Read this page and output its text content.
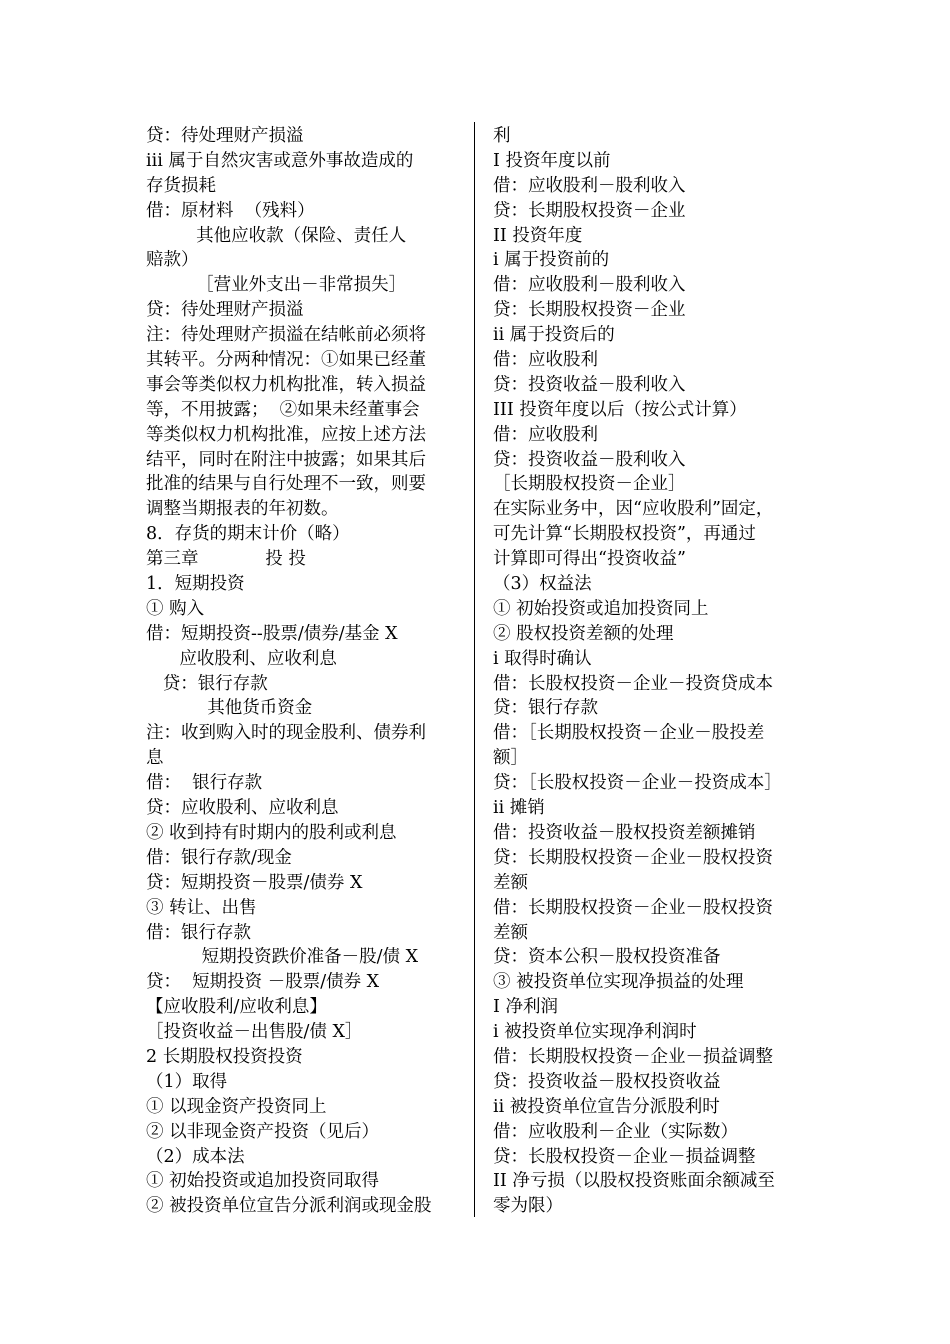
贷：待处理财产损溢
iii 属于自然灾害或意外事故造成的
存货损耗
借：原材料  （残料）
其他应收款（保险、责任人
赔款）
［营业外支出－非常损失］
贷：待处理财产损溢
注：待处理财产损溢在结帐前必须将
其转平。分两种情况：①如果已经董
事会等类似权力机构批准，转入损益
等，不用披露；  ②如果未经董事会
等类似权力机构批准，应按上述方法
结平，同时在附注中披露；如果其后
批准的结果与自行处理不一致，则要
调整当期报表的年初数。
8．存货的期末计价（略）
第三章            投 投
1．短期投资
① 购入
借：短期投资--股票/债券/基金 X
应收股利、应收利息
贷：银行存款
其他货币资金
注：收到购入时的现金股利、债券利
息
借：  银行存款
贷：应收股利、应收利息
② 收到持有时期内的股利或利息
借：银行存款/现金
贷：短期投资－股票/债券 X
③ 转让、出售
借：银行存款
短期投资跌价准备－股/债 X
贷：  短期投资 －股票/债券 X
【应收股利/应收利息】
［投资收益－出售股/债 X］
2 长期股权投资投资
（1）取得
① 以现金资产投资同上
② 以非现金资产投资（见后）
（2）成本法
① 初始投资或追加投资同取得
② 被投资单位宣告分派利润或现金股
利
I 投资年度以前
借：应收股利－股利收入
贷：长期股权投资－企业
II 投资年度
i 属于投资前的
借：应收股利－股利收入
贷：长期股权投资－企业
ii 属于投资后的
借：应收股利
贷：投资收益－股利收入
III 投资年度以后（按公式计算）
借：应收股利
贷：投资收益－股利收入
［长期股权投资－企业］
在实际业务中，因“应收股利”固定，
可先计算“长期股权投资”，再通过
计算即可得出“投资收益”
（3）权益法
① 初始投资或追加投资同上
② 股权投资差额的处理
i 取得时确认
借：长股权投资－企业－投资贷成本
贷：银行存款
借：［长期股权投资－企业－股投差
额］
贷：［长股权投资－企业－投资成本］
ii 摊销
借：投资收益－股权投资差额摊销
贷：长期股权投资－企业－股权投资
差额
借：长期股权投资－企业－股权投资
差额
贷：资本公积－股权投资准备
③ 被投资单位实现净损益的处理
I 净利润
i 被投资单位实现净利润时
借：长期股权投资－企业－损益调整
贷：投资收益－股权投资收益
ii 被投资单位宣告分派股利时
借：应收股利－企业（实际数）
贷：长股权投资－企业－损益调整
II 净亏损（以股权投资账面余额减至
零为限）
